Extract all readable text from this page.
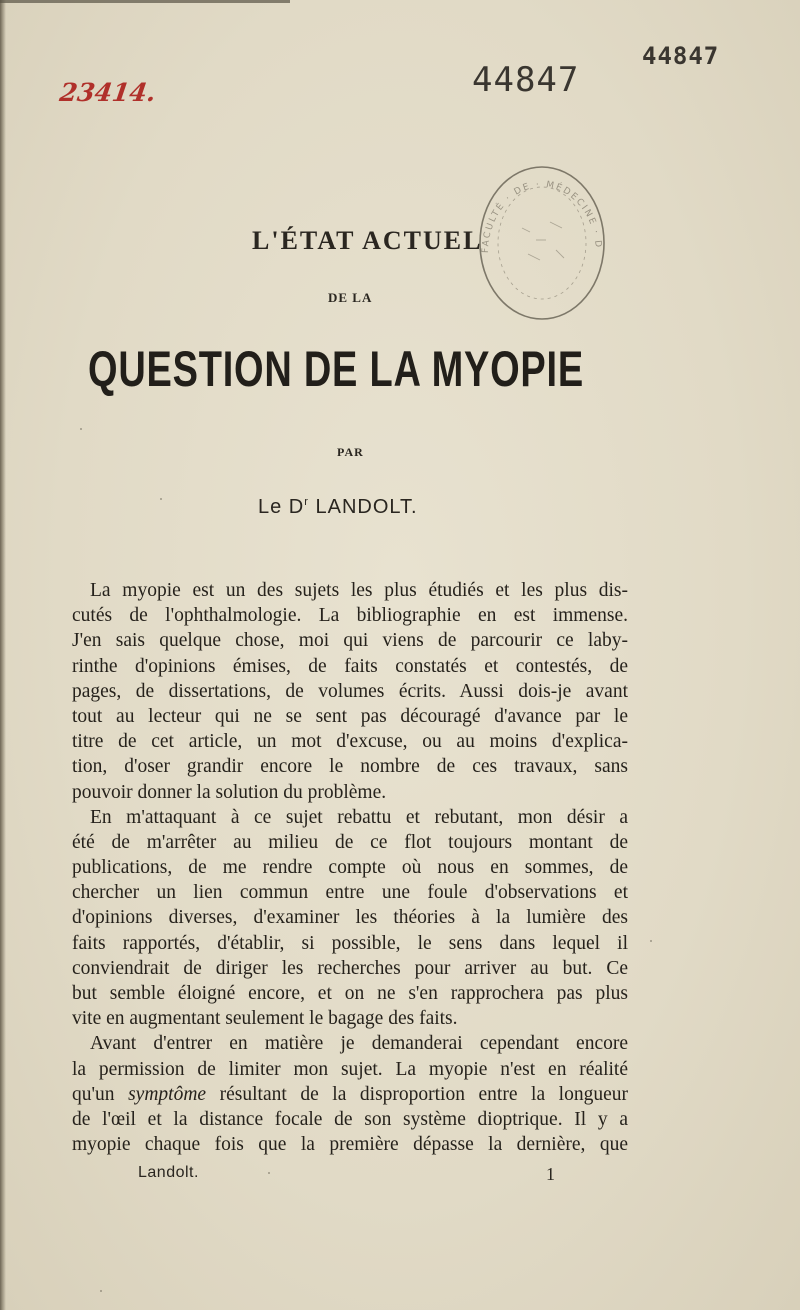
23414.	44847
44847
FACULTÉ · DE · MÉDECINE · D
L'ÉTAT ACTUEL
DE LA
QUESTION DE LA MYOPIE
PAR
Le $D^r$ LANDOLT.
La myopie est un des sujets les plus étudiés et les plus dis-
cutés de l'ophthalmologie. La bibliographie en est immense.
J'en sais quelque chose, moi qui viens de parcourir ce laby-
rinthe d'opinions émises, de faits constatés et contestés, de
pages, de dissertations, de volumes écrits. Aussi dois-je avant
tout au lecteur qui ne se sent pas découragé d'avance par le
titre de cet article, un mot d'excuse, ou au moins d'explica-
tion, d'oser grandir encore le nombre de ces travaux, sans
pouvoir donner la solution du problème.
En m'attaquant à ce sujet rebattu et rebutant, mon désir a
été de m'arrêter au milieu de ce flot toujours montant de
publications, de me rendre compte où nous en sommes, de
chercher un lien commun entre une foule d'observations et
d'opinions diverses, d'examiner les théories à la lumière des
faits rapportés, d'établir, si possible, le sens dans lequel il
conviendrait de diriger les recherches pour arriver au but. Ce
but semble éloigné encore, et on ne s'en rapprochera pas plus
vite en augmentant seulement le bagage des faits.
Avant d'entrer en matière je demanderai cependant encore
la permission de limiter mon sujet. La myopie n'est en réalité
qu'un symptôme résultant de la disproportion entre la longueur
de l'œil et la distance focale de son système dioptrique. Il y a
myopie chaque fois que la première dépasse la dernière, que
Landolt.	1
